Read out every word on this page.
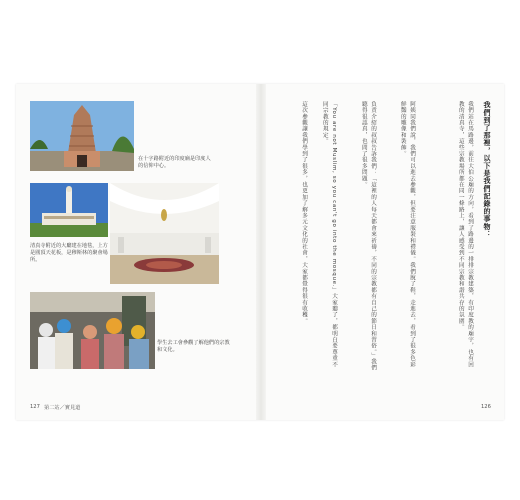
在十字路附近的印度廟是印度人的信仰中心。
清真寺附近的大廳建在地毯，上方是圓頂天花板，是穆斯林的聚會場所。
學生去工會參觀了解他們的宗教和文化。
127 第二站／實見道
我們到了那裡，以下是我們記錄的事物：
我們站在馬路邊，前往大伯公廟的方向，看到了路邊的一排排宗教建築，有印度教的廟宇，也有回教的清真寺，這些宗教場所都在同一條路上，讓人感受到不同宗教和諧共存的氛圍。
阿姨同我們說，我們可以進去參觀，但要注意服裝和禮儀。我們脫了鞋，走進去，看到了很多色彩鮮豔的雕像和裝飾。
負責介紹的叔叔告訴我們：「這裡的人每天都會來祈禱，不同的宗教都有自己的節日和習俗。」我們聽得很認真，也問了很多問題。
「You are not Muslim, so you can't go into the mosque.」大家聽了，都明白要尊重不同宗教的規定。
這次參觀讓我們學到了很多，也更加了解多元文化的社會，大家都覺得很有收穫。
126
